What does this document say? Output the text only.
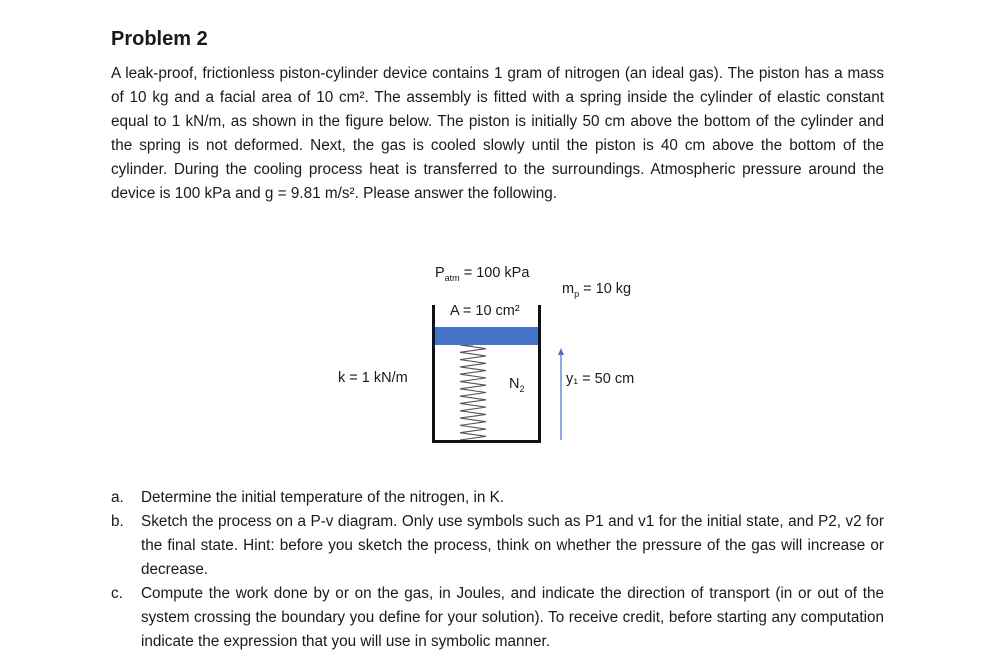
Problem 2

A leak-proof, frictionless piston-cylinder device contains 1 gram of nitrogen (an ideal gas). The piston has a mass of 10 kg and a facial area of 10 cm². The assembly is fitted with a spring inside the cylinder of elastic constant equal to 1 kN/m, as shown in the figure below. The piston is initially 50 cm above the bottom of the cylinder and the spring is not deformed. Next, the gas is cooled slowly until the piston is 40 cm above the bottom of the cylinder. During the cooling process heat is transferred to the surroundings. Atmospheric pressure around the device is 100 kPa and g = 9.81 m/s². Please answer the following.

$P_{atm} = 100$ kPa
$m_p = 10$ kg
A = 10 cm²
k = 1 kN/m	$N_2$
y₁ = 50 cm
a. Determine the initial temperature of the nitrogen, in K.
b. Sketch the process on a P-v diagram. Only use symbols such as P1 and v1 for the initial state, and P2, v2 for the final state. Hint: before you sketch the process, think on whether the pressure of the gas will increase or decrease.
c. Compute the work done by or on the gas, in Joules, and indicate the direction of transport (in or out of the system crossing the boundary you define for your solution). To receive credit, before starting any computation indicate the expression that you will use in symbolic manner.
